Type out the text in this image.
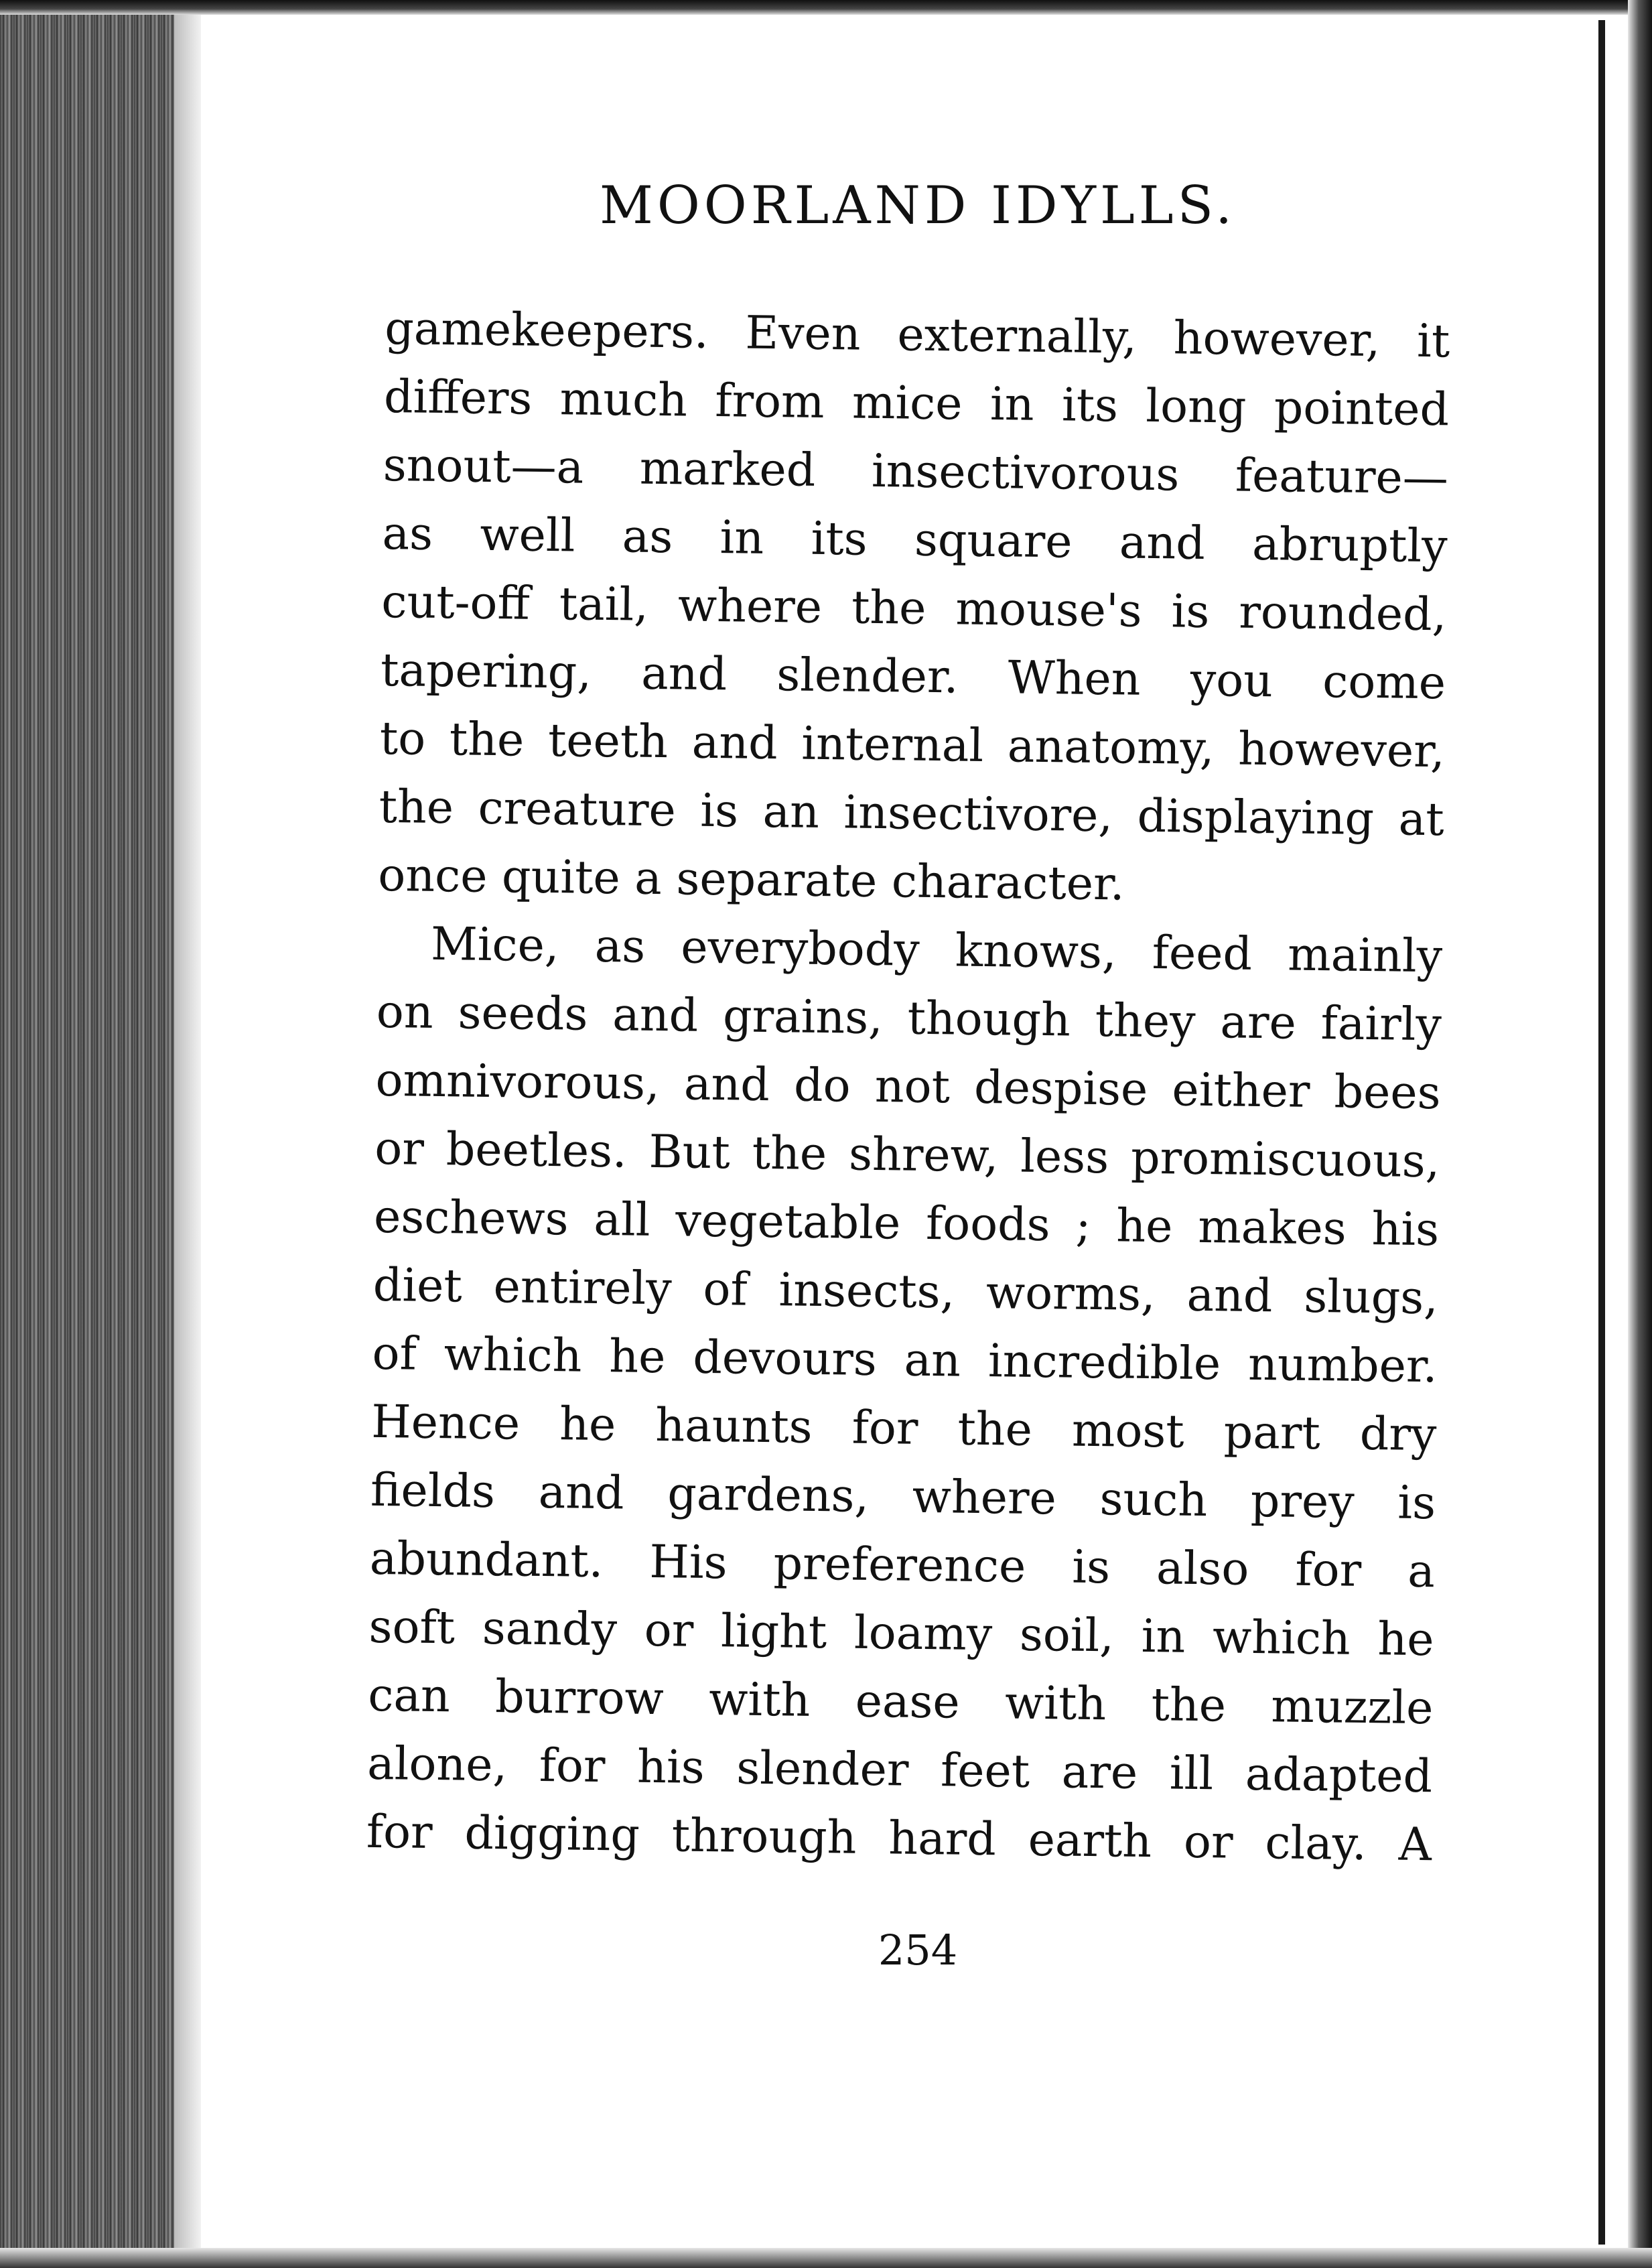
MOORLAND IDYLLS.

gamekeepers. Even externally, however, it
differs much from mice in its long pointed
snout—a marked insectivorous feature—
as well as in its square and abruptly
cut-off tail, where the mouse's is rounded,
tapering, and slender. When you come
to the teeth and internal anatomy, however,
the creature is an insectivore, displaying at
once quite a separate character.

Mice, as everybody knows, feed mainly
on seeds and grains, though they are fairly
omnivorous, and do not despise either bees
or beetles. But the shrew, less promiscuous,
eschews all vegetable foods ; he makes his
diet entirely of insects, worms, and slugs,
of which he devours an incredible number.
Hence he haunts for the most part dry
fields and gardens, where such prey is
abundant. His preference is also for a
soft sandy or light loamy soil, in which he
can burrow with ease with the muzzle
alone, for his slender feet are ill adapted
for digging through hard earth or clay. A

254
